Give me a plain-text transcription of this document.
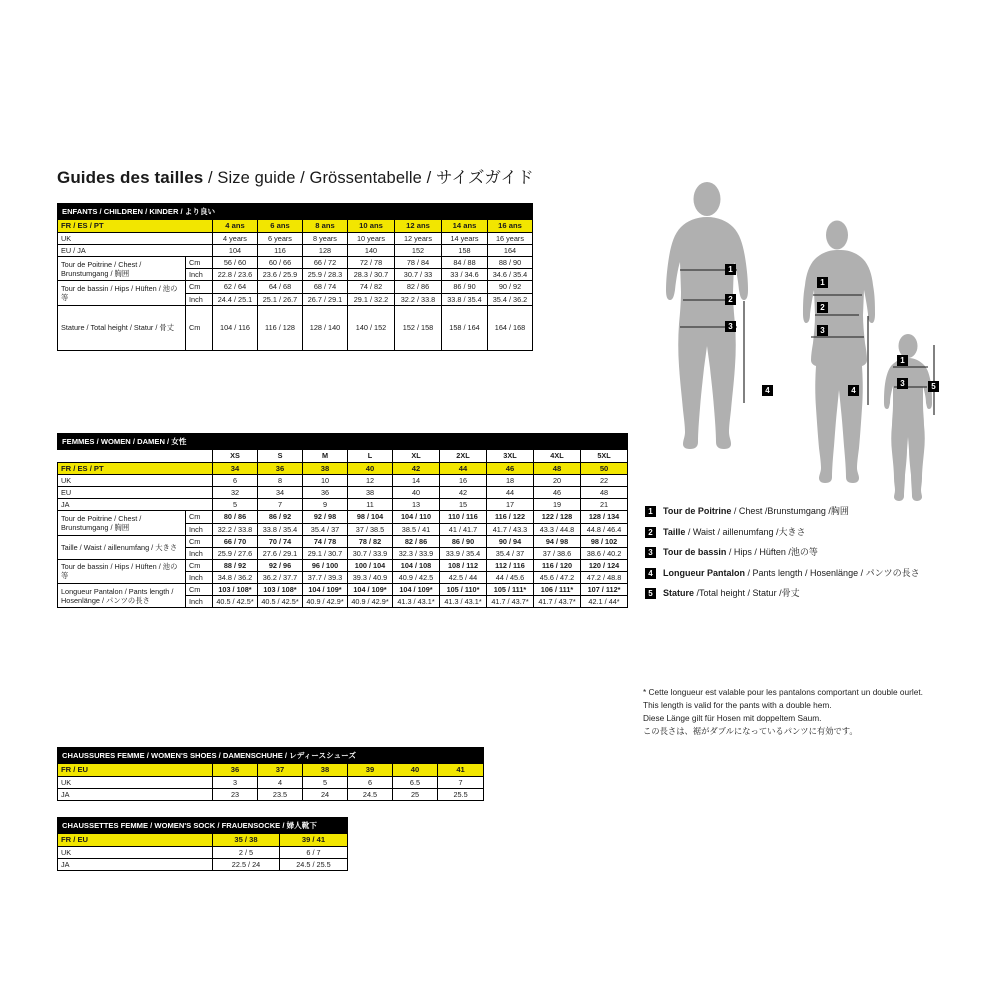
Guides des tailles / Size guide / Grössentabelle / サイズガイド
ENFANTS / CHILDREN / KINDER / より良い								
FR / ES / PT		4 ans	6 ans	8 ans	10 ans	12 ans	14 ans	16 ans
UK		4 years	6 years	8 years	10 years	12 years	14 years	16 years
EU / JA		104	116	128	140	152	158	164
Tour de Poitrine / Chest / Brunstumgang / 胸囲	Cm	56 / 60	60 / 66	66 / 72	72 / 78	78 / 84	84 / 88	88 / 90
	Inch	22.8 / 23.6	23.6 / 25.9	25.9 / 28.3	28.3 / 30.7	30.7 / 33	33 / 34.6	34.6 / 35.4
Tour de bassin / Hips / Hüften / 池の等	Cm	62 / 64	64 / 68	68 / 74	74 / 82	82 / 86	86 / 90	90 / 92
	Inch	24.4 / 25.1	25.1 / 26.7	26.7 / 29.1	29.1 / 32.2	32.2 / 33.8	33.8 / 35.4	35.4 / 36.2
Stature / Total height / Statur / 骨丈	Cm	104 / 116	116 / 128	128 / 140	140 / 152	152 / 158	158 / 164	164 / 168
FEMMES / WOMEN / DAMEN / 女性										
		XS	S	M	L	XL	2XL	3XL	4XL	5XL
FR / ES / PT		34	36	38	40	42	44	46	48	50
UK		6	8	10	12	14	16	18	20	22
EU		32	34	36	38	40	42	44	46	48
JA		5	7	9	11	13	15	17	19	21
Tour de Poitrine / Chest / Brunstumgang / 胸囲	Cm	80 / 86	86 / 92	92 / 98	98 / 104	104 / 110	110 / 116	116 / 122	122 / 128	128 / 134
	Inch	32.2 / 33.8	33.8 / 35.4	35.4 / 37	37 / 38.5	38.5 / 41	41 / 41.7	41.7 / 43.3	43.3 / 44.8	44.8 / 46.4
Taille / Waist / aillenumfang / 大きさ	Cm	66 / 70	70 / 74	74 / 78	78 / 82	82 / 86	86 / 90	90 / 94	94 / 98	98 / 102
	Inch	25.9 / 27.6	27.6 / 29.1	29.1 / 30.7	30.7 / 33.9	32.3 / 33.9	33.9 / 35.4	35.4 / 37	37 / 38.6	38.6 / 40.2
Tour de bassin / Hips / Hüften / 池の等	Cm	88 / 92	92 / 96	96 / 100	100 / 104	104 / 108	108 / 112	112 / 116	116 / 120	120 / 124
	Inch	34.8 / 36.2	36.2 / 37.7	37.7 / 39.3	39.3 / 40.9	40.9 / 42.5	42.5 / 44	44 / 45.6	45.6 / 47.2	47.2 / 48.8
Longueur Pantalon / Pants length / Hosenlänge / パンツの長さ	Cm	103 / 108*	103 / 108*	104 / 109*	104 / 109*	104 / 109*	105 / 110*	105 / 111*	106 / 111*	107 / 112*
	Inch	40.5 / 42.5*	40.5 / 42.5*	40.9 / 42.9*	40.9 / 42.9*	41.3 / 43.1*	41.3 / 43.1*	41.7 / 43.7*	41.7 / 43.7*	42.1 / 44*
CHAUSSURES FEMME / WOMEN'S SHOES / DAMENSCHUHE / レディースシューズ						
FR / EU	36	37	38	39	40	41
UK	3	4	5	6	6.5	7
JA	23	23.5	24	24.5	25	25.5
CHAUSSETTES FEMME / WOMEN'S SOCK / FRAUENSOCKE / 婦人靴下		
FR / EU	35 / 38	39 / 41
UK	2 / 5	6 / 7
JA	22.5 / 24	24.5 / 25.5
1
2
3
4
1
2
3
4
1
3	5
1	Tour de Poitrine / Chest /Brunstumgang /胸囲
2	Taille / Waist / aillenumfang /大きさ
3	Tour de bassin / Hips / Hüften /池の等
4	Longueur Pantalon / Pants length / Hosenlänge / パンツの長さ
5	Stature /Total height / Statur /骨丈
* Cette longueur est valable pour les pantalons comportant un double ourlet.
This length is valid for the pants with a double hem.
Diese Länge gilt für Hosen mit doppeltem Saum.
この長さは、裾がダブルになっているパンツに有効です。
